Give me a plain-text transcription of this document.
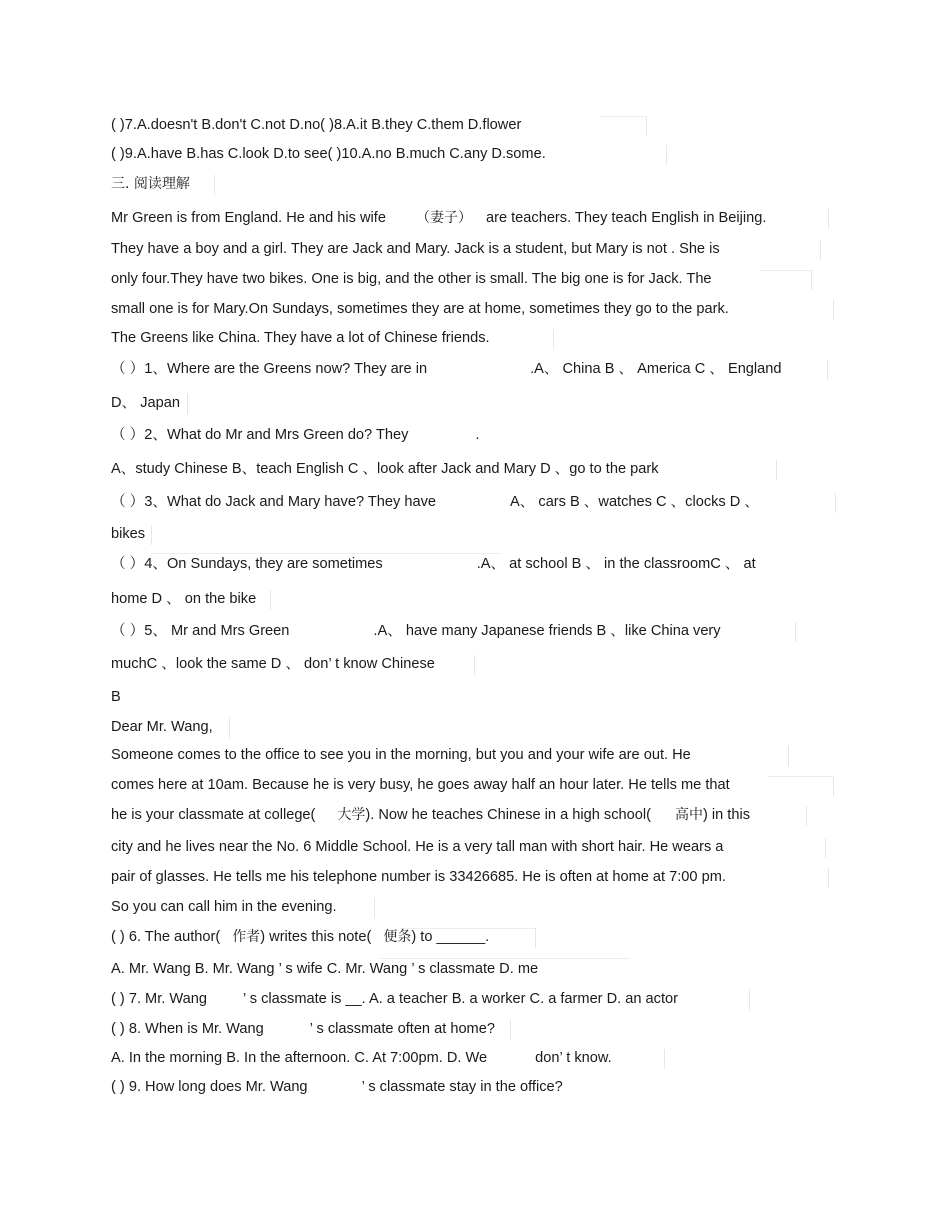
( )7.A.doesn't B.don't C.not D.no( )8.A.it B.they C.them D.flower
( )9.A.have B.has C.look D.to see( )10.A.no B.much C.any D.some.
三. 阅读理解
Mr Green is from England. He and his wife （妻子） are teachers. They teach English in Beijing.
They have a boy and a girl. They are Jack and Mary. Jack is a student, but Mary is not . She is
only four.They have two bikes. One is big, and the other is small. The big one is for Jack. The
small one is for Mary.On Sundays, sometimes they are at home, sometimes they go to the park.
The Greens like China. They have a lot of Chinese friends.
（ ）1、Where are the Greens now? They are in	.A、 China B 、 America C 、 England
D、 Japan
（ ）2、What do Mr and Mrs Green do? They	.
A、study Chinese B、teach English C 、look after Jack and Mary D 、go to the park
（ ）3、What do Jack and Mary have? They have	A、 cars B 、watches C 、clocks D 、
bikes
（ ）4、On Sundays, they are sometimes	.A、 at school B 、 in the classroomC 、 at
home D 、 on the bike
（ ）5、 Mr and Mrs Green	.A、 have many Japanese friends B 、like China very
muchC 、look the same D 、 don’ t know Chinese
B
Dear Mr. Wang,
Someone comes to the office to see you in the morning, but you and your wife are out. He
comes here at 10am. Because he is very busy, he goes away half an hour later. He tells me that
he is your classmate at college( 大学). Now he teaches Chinese in a high school( 高中) in this
city and he lives near the No. 6 Middle School. He is a very tall man with short hair. He wears a
pair of glasses. He tells me his telephone number is 33426685. He is often at home at 7:00 pm.
So you can call him in the evening.
( ) 6. The author( 作者) writes this note( 便条) to ______.
A. Mr. Wang B. Mr. Wang ’ s wife C. Mr. Wang ’ s classmate D. me
( ) 7. Mr. Wang ’ s classmate is __. A. a teacher B. a worker C. a farmer D. an actor
( ) 8. When is Mr. Wang	’ s classmate often at home?
A. In the morning B. In the afternoon. C. At 7:00pm. D. We	don’ t know.
( ) 9. How long does Mr. Wang	’ s classmate stay in the office?
